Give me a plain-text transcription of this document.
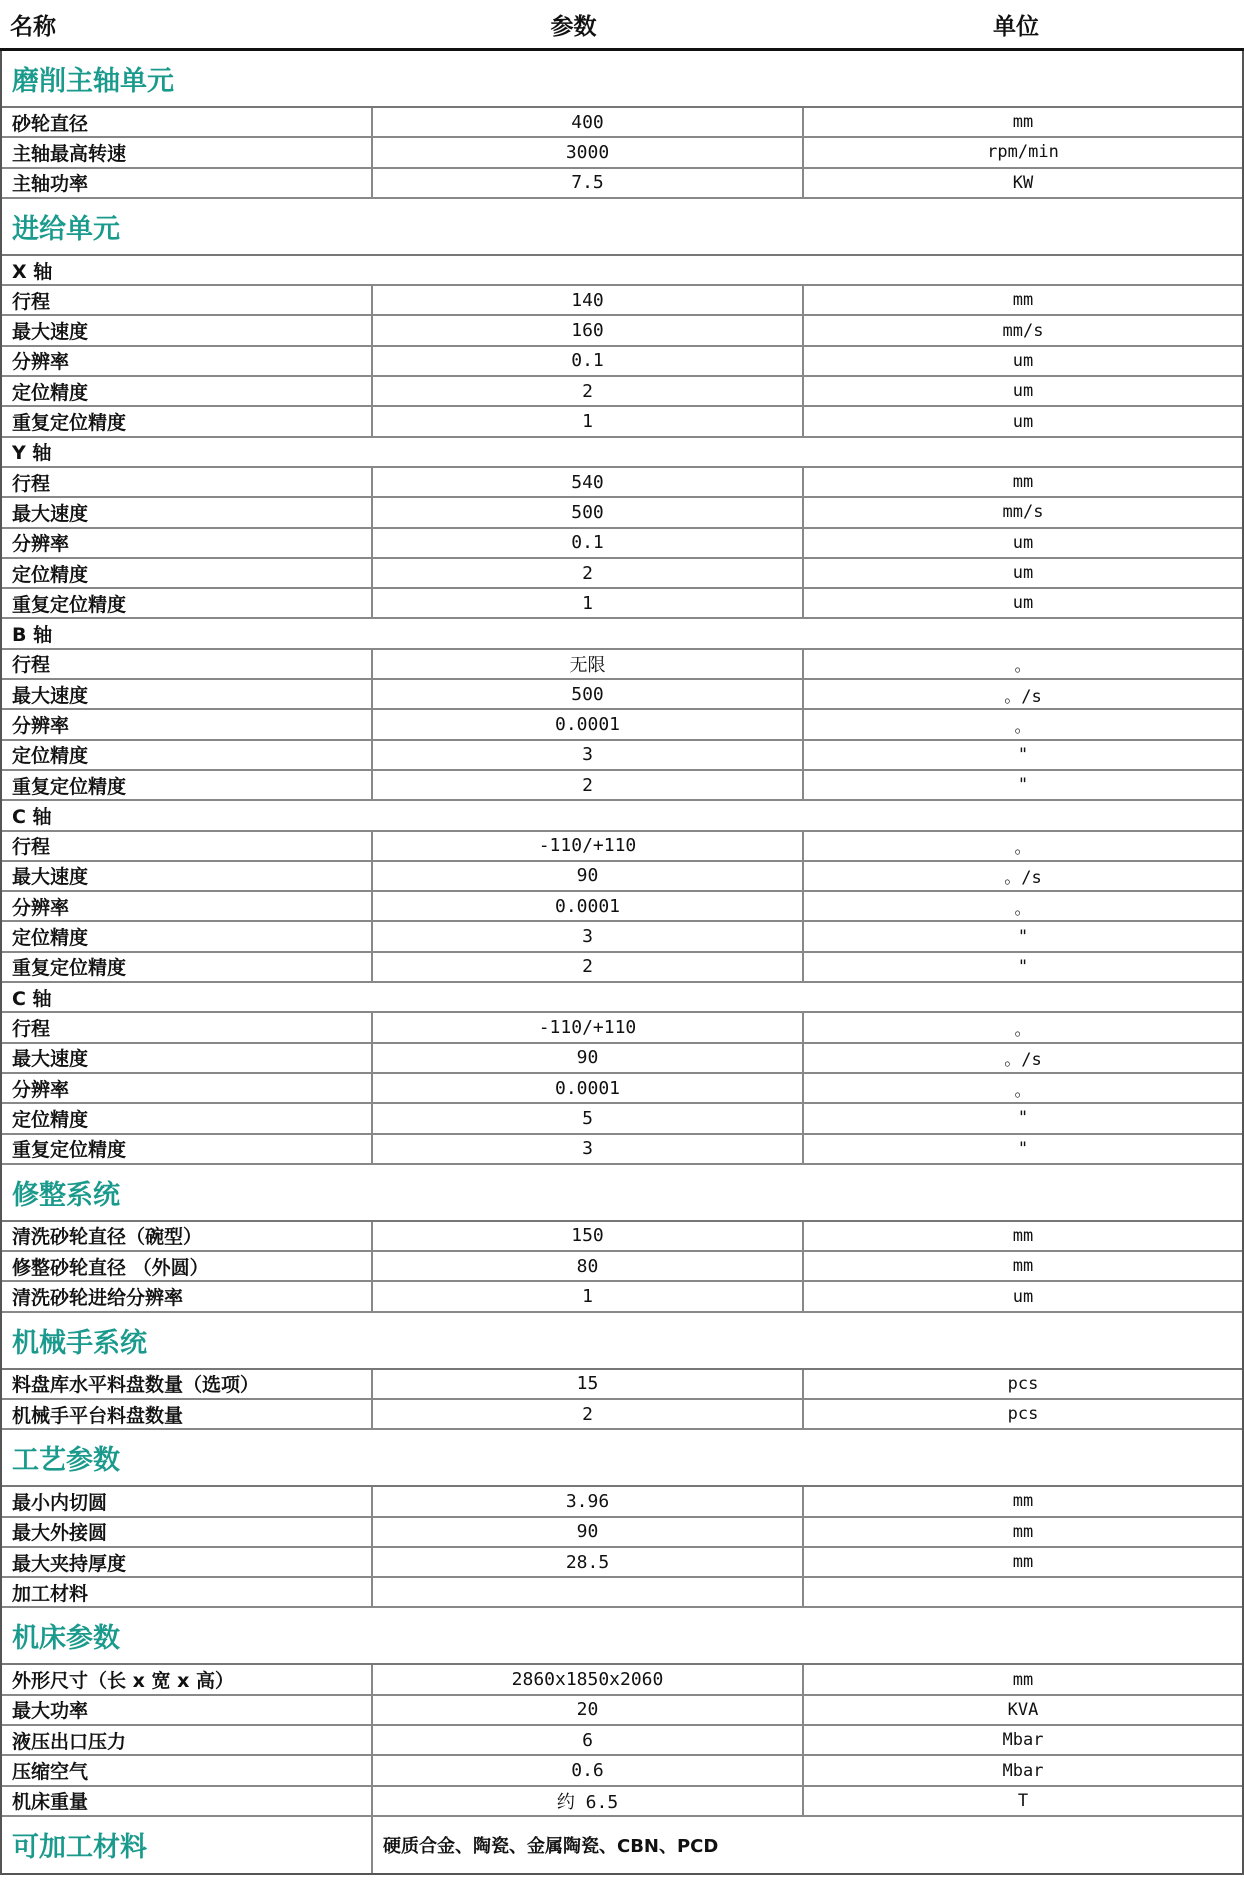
名称	参数	单位
磨削主轴单元
砂轮直径	400	mm
主轴最高转速	3000	rpm/min
主轴功率	7.5	KW
进给单元
X 轴
行程	140	mm
最大速度	160	mm/s
分辨率	0.1	um
定位精度	2	um
重复定位精度	1	um
Y 轴
行程	540	mm
最大速度	500	mm/s
分辨率	0.1	um
定位精度	2	um
重复定位精度	1	um
B 轴
行程	无限	。
最大速度	500	。/s
分辨率	0.0001	。
定位精度	3	"
重复定位精度	2	"
C 轴
行程	-110/+110	。
最大速度	90	。/s
分辨率	0.0001	。
定位精度	3	"
重复定位精度	2	"
C 轴
行程	-110/+110	。
最大速度	90	。/s
分辨率	0.0001	。
定位精度	5	"
重复定位精度	3	"
修整系统
清洗砂轮直径（碗型）	150	mm
修整砂轮直径 （外圆）	80	mm
清洗砂轮进给分辨率	1	um
机械手系统
料盘库水平料盘数量（选项）	15	pcs
机械手平台料盘数量	2	pcs
工艺参数
最小内切圆	3.96	mm
最大外接圆	90	mm
最大夹持厚度	28.5	mm
加工材料
机床参数
外形尺寸（长 x 宽 x 高）	2860x1850x2060	mm
最大功率	20	KVA
液压出口压力	6	Mbar
压缩空气	0.6	Mbar
机床重量	约 6.5	T
可加工材料	硬质合金、陶瓷、金属陶瓷、CBN、PCD
